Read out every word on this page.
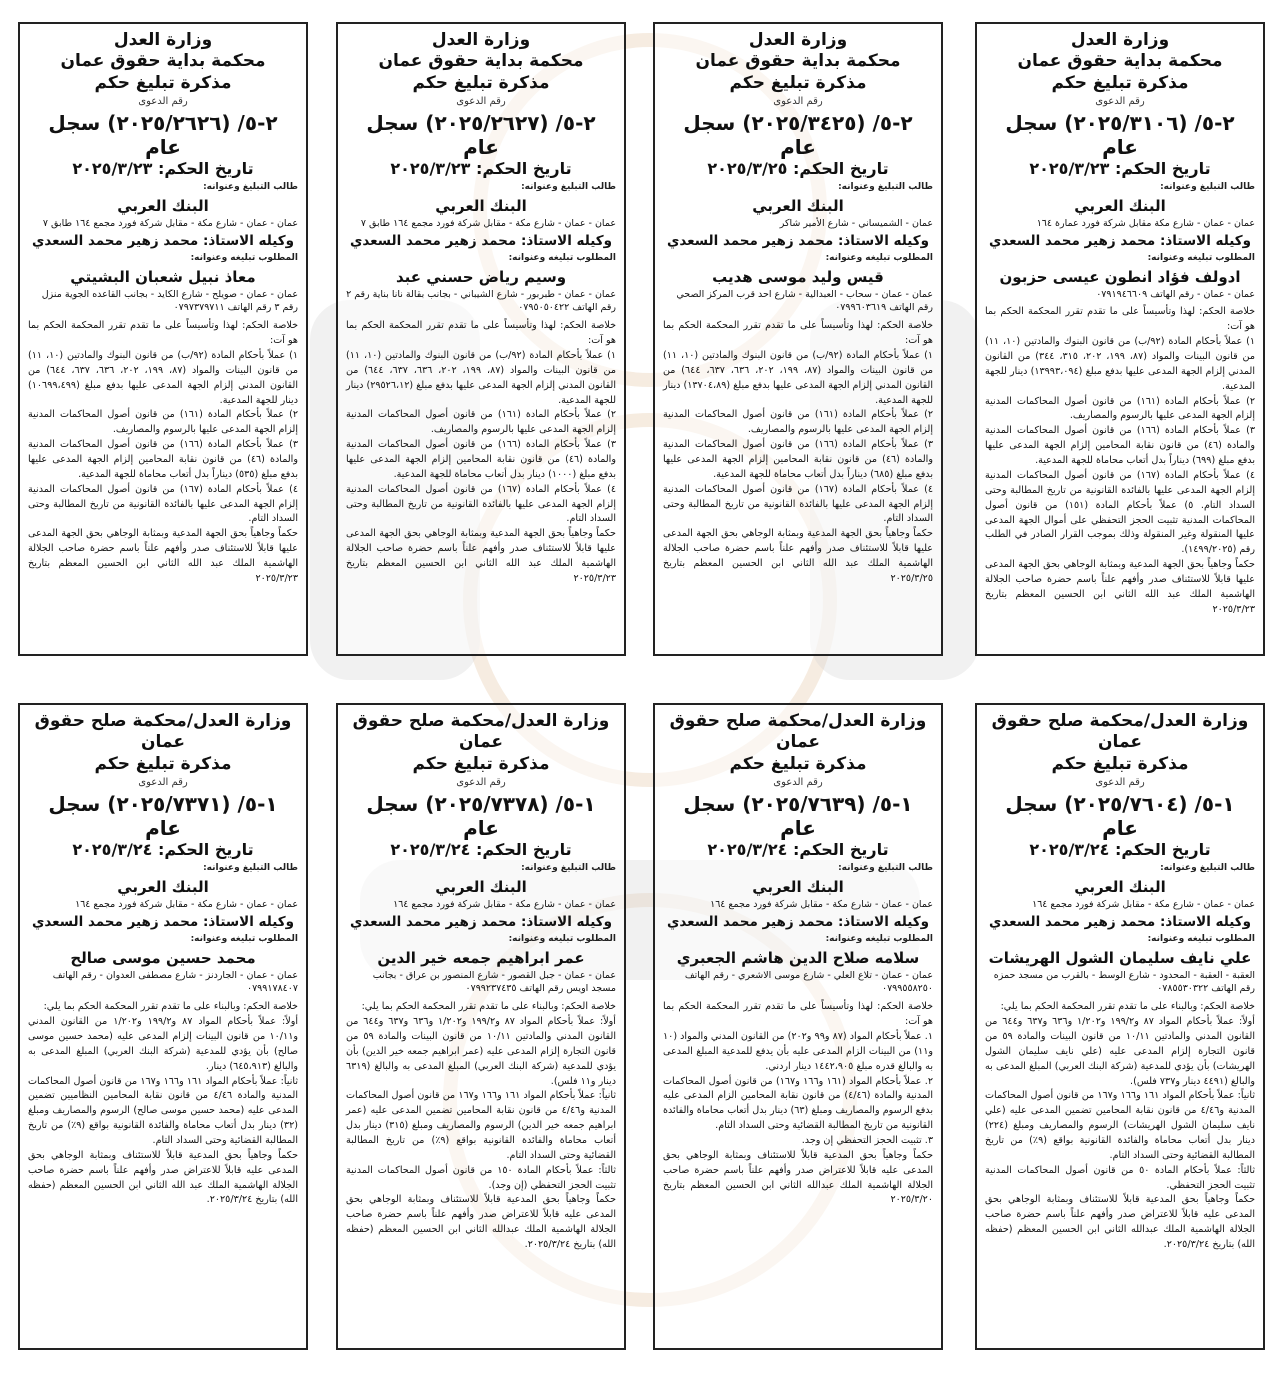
وزارة العدل
محكمة بداية حقوق عمان
مذكرة تبليغ حكم
رقم الدعوى
٢-٥/ (٢٠٢٥/٣١٠٦) سجل عام
تاريخ الحكم: ٢٠٢٥/٣/٢٣
طالب التبليغ وعنوانه:
البنك العربي
عمان - عمان - شارع مكة مقابل شركة فورد عمارة ١٦٤
وكيله الاستاذ: محمد زهير محمد السعدي
المطلوب تبليغه وعنوانه:
ادولف فؤاد انطون عيسى حزبون
عمان - عمان - رقم الهاتف ٠٧٩١٩٤٦٦٠٩

خلاصة الحكم: لهذا وتأسيساً على ما تقدم تقرر المحكمة الحكم بما هو آت:

١) عملاً بأحكام المادة (٩٢/ب) من قانون البنوك والمادتين (١٠، ١١) من قانون البينات والمواد (٨٧، ١٩٩، ٢٠٢، ٣١٥، ٣٤٤) من القانون المدني إلزام الجهة المدعى عليها بدفع مبلغ (١٣٩٩٣،٠٩٤) دينار للجهة المدعية.

٢) عملاً بأحكام المادة (١٦١) من قانون أصول المحاكمات المدنية إلزام الجهة المدعى عليها بالرسوم والمصاريف.

٣) عملاً بأحكام المادة (١٦٦) من قانون أصول المحاكمات المدنية والمادة (٤٦) من قانون نقابة المحامين إلزام الجهة المدعى عليها بدفع مبلغ (٦٩٩) ديناراً بدل أتعاب محاماة للجهة المدعية.

٤) عملاً بأحكام المادة (١٦٧) من قانون أصول المحاكمات المدنية إلزام الجهة المدعى عليها بالفائدة القانونية من تاريخ المطالبة وحتى السداد التام. ٥) عملاً بأحكام المادة (١٥١) من قانون أصول المحاكمات المدنية تثبيت الحجز التحفظي على أموال الجهة المدعى عليها المنقولة وغير المنقولة وذلك بموجب القرار الصادر في الطلب رقم (١٤٩٩/٢٠٢٥).

حكماً وجاهياً بحق الجهة المدعية وبمثابة الوجاهي بحق الجهة المدعى عليها قابلاً للاستئناف صدر وأفهم علناً باسم حضرة صاحب الجلالة الهاشمية الملك عبد الله الثاني ابن الحسين المعظم بتاريخ ٢٠٢٥/٣/٢٣

وزارة العدل
محكمة بداية حقوق عمان
مذكرة تبليغ حكم
رقم الدعوى
٢-٥/ (٢٠٢٥/٣٤٢٥) سجل عام
تاريخ الحكم: ٢٠٢٥/٣/٢٥
طالب التبليغ وعنوانه:
البنك العربي
عمان - الشميساني - شارع الأمير شاكر
وكيله الاستاذ: محمد زهير محمد السعدي
المطلوب تبليغه وعنوانه:
قيس وليد موسى هديب
عمان - عمان - سحاب - العبدالية - شارع احد قرب المركز الصحي رقم الهاتف ٠٧٩٩٦٠٣٦١٩

خلاصة الحكم: لهذا وتأسيساً على ما تقدم تقرر المحكمة الحكم بما هو آت:

١) عملاً بأحكام المادة (٩٢/ب) من قانون البنوك والمادتين (١٠، ١١) من قانون البينات والمواد (٨٧، ١٩٩، ٢٠٢، ٦٣٦، ٦٣٧، ٦٤٤) من القانون المدني إلزام الجهة المدعى عليها بدفع مبلغ (١٣٧٠٤،٨٩) دينار للجهة المدعية.

٢) عملاً بأحكام المادة (١٦١) من قانون أصول المحاكمات المدنية إلزام الجهة المدعى عليها بالرسوم والمصاريف.

٣) عملاً بأحكام المادة (١٦٦) من قانون أصول المحاكمات المدنية والمادة (٤٦) من قانون نقابة المحامين إلزام الجهة المدعى عليها بدفع مبلغ (٦٨٥) ديناراً بدل أتعاب محاماة للجهة المدعية.

٤) عملاً بأحكام المادة (١٦٧) من قانون أصول المحاكمات المدنية إلزام الجهة المدعى عليها بالفائدة القانونية من تاريخ المطالبة وحتى السداد التام.

حكماً وجاهياً بحق الجهة المدعية وبمثابة الوجاهي بحق الجهة المدعى عليها قابلاً للاستئناف صدر وأفهم علناً باسم حضرة صاحب الجلالة الهاشمية الملك عبد الله الثاني ابن الحسين المعظم بتاريخ ٢٠٢٥/٣/٢٥

وزارة العدل
محكمة بداية حقوق عمان
مذكرة تبليغ حكم
رقم الدعوى
٢-٥/ (٢٠٢٥/٢٦٢٧) سجل عام
تاريخ الحكم: ٢٠٢٥/٣/٢٣
طالب التبليغ وعنوانه:
البنك العربي
عمان - عمان - شارع مكة - مقابل شركة فورد مجمع ١٦٤ طابق ٧
وكيله الاستاذ: محمد زهير محمد السعدي
المطلوب تبليغه وعنوانه:
وسيم رياض حسني عبد
عمان - عمان - طبربور - شارع الشيباني - بجانب بقالة نانا بناية رقم ٢ رقم الهاتف ٠٧٩٥٠٥٠٤٢٢

خلاصة الحكم: لهذا وتأسيساً على ما تقدم تقرر المحكمة الحكم بما هو آت:

١) عملاً بأحكام المادة (٩٢/ب) من قانون البنوك والمادتين (١٠، ١١) من قانون البينات والمواد (٨٧، ١٩٩، ٢٠٢، ٦٣٦، ٦٣٧، ٦٤٤) من القانون المدني إلزام الجهة المدعى عليها بدفع مبلغ (٢٩٥٢٦،١٢) دينار للجهة المدعية.

٢) عملاً بأحكام المادة (١٦١) من قانون أصول المحاكمات المدنية إلزام الجهة المدعى عليها بالرسوم والمصاريف.

٣) عملاً بأحكام المادة (١٦٦) من قانون أصول المحاكمات المدنية والمادة (٤٦) من قانون نقابة المحامين إلزام الجهة المدعى عليها بدفع مبلغ (١٠٠٠) دينار بدل أتعاب محاماة للجهة المدعية.

٤) عملاً بأحكام المادة (١٦٧) من قانون أصول المحاكمات المدنية إلزام الجهة المدعى عليها بالفائدة القانونية من تاريخ المطالبة وحتى السداد التام.

حكماً وجاهياً بحق الجهة المدعية وبمثابة الوجاهي بحق الجهة المدعى عليها قابلاً للاستئناف صدر وأفهم علناً باسم حضرة صاحب الجلالة الهاشمية الملك عبد الله الثاني ابن الحسين المعظم بتاريخ ٢٠٢٥/٣/٢٣

وزارة العدل
محكمة بداية حقوق عمان
مذكرة تبليغ حكم
رقم الدعوى
٢-٥/ (٢٠٢٥/٢٦٢٦) سجل عام
تاريخ الحكم: ٢٠٢٥/٣/٢٣
طالب التبليغ وعنوانه:
البنك العربي
عمان - عمان - شارع مكة - مقابل شركة فورد مجمع ١٦٤ طابق ٧
وكيله الاستاذ: محمد زهير محمد السعدي
المطلوب تبليغه وعنوانه:
معاذ نبيل شعبان البشيتي
عمان - عمان - صويلح - شارع الكايد - بجانب القاعده الجوية منزل رقم ٣ رقم الهاتف ٠٧٩٧٣٧٩٧١١

خلاصة الحكم: لهذا وتأسيساً على ما تقدم تقرر المحكمة الحكم بما هو آت:

١) عملاً بأحكام المادة (٩٢/ب) من قانون البنوك والمادتين (١٠، ١١) من قانون البينات والمواد (٨٧، ١٩٩، ٢٠٢، ٦٣٦، ٦٣٧، ٦٤٤) من القانون المدني إلزام الجهة المدعى عليها بدفع مبلغ (١٠٦٩٩،٤٩٩) دينار للجهة المدعية.

٢) عملاً بأحكام المادة (١٦١) من قانون أصول المحاكمات المدنية إلزام الجهة المدعى عليها بالرسوم والمصاريف.

٣) عملاً بأحكام المادة (١٦٦) من قانون أصول المحاكمات المدنية والمادة (٤٦) من قانون نقابة المحامين إلزام الجهة المدعى عليها بدفع مبلغ (٥٣٥) ديناراً بدل أتعاب محاماة للجهة المدعية.

٤) عملاً بأحكام المادة (١٦٧) من قانون أصول المحاكمات المدنية إلزام الجهة المدعى عليها بالفائدة القانونية من تاريخ المطالبة وحتى السداد التام.

حكماً وجاهياً بحق الجهة المدعية وبمثابة الوجاهي بحق الجهة المدعى عليها قابلاً للاستئناف صدر وأفهم علناً باسم حضرة صاحب الجلالة الهاشمية الملك عبد الله الثاني ابن الحسين المعظم بتاريخ ٢٠٢٥/٣/٢٣

وزارة العدل/محكمة صلح حقوق عمان
مذكرة تبليغ حكم
رقم الدعوى
١-٥/ (٢٠٢٥/٧٦٠٤) سجل عام
تاريخ الحكم: ٢٠٢٥/٣/٢٤
طالب التبليغ وعنوانه:
البنك العربي
عمان - عمان - شارع مكة - مقابل شركة فورد مجمع ١٦٤
وكيله الاستاذ: محمد زهير محمد السعدي
المطلوب تبليغه وعنوانه:
علي نايف سليمان الشول الهريشات
العقبة - العقبة - المحدود - شارع الوسط - بالقرب من مسجد حمزه رقم الهاتف ٠٧٨٥٥٣٠٣٢٢

خلاصة الحكم: وبالبناء على ما تقدم تقرر المحكمة الحكم بما يلي:

أولاً: عملاً بأحكام المواد ٨٧ و١٩٩/٢ و١/٢٠٢ و٦٣٦ و٦٣٧ و٦٤٤ من القانون المدني والمادتين ١٠/١١ من قانون البينات والمادة ٥٩ من قانون التجارة إلزام المدعى عليه (علي نايف سليمان الشول الهريشات) بأن يؤدي للمدعية (شركة البنك العربي) المبلغ المدعى به والبالغ (٤٤٩١ دينار و٧٣٧ فلس).

ثانياً: عملاً بأحكام المواد ١٦١ و١٦٦ و١٦٧ من قانون أصول المحاكمات المدنية و٤/٤٦ من قانون نقابة المحامين تضمين المدعى عليه (علي نايف سليمان الشول الهريشات) الرسوم والمصاريف ومبلغ (٢٢٤) دينار بدل أتعاب محاماة والفائدة القانونية بواقع (٩٪) من تاريخ المطالبة القضائية وحتى السداد التام.

ثالثاً: عملاً بأحكام المادة ٥٠ من قانون أصول المحاكمات المدنية تثبيت الحجز التحفظي.

حكماً وجاهياً بحق المدعية قابلاً للاستئناف وبمثابة الوجاهي بحق المدعى عليه قابلاً للاعتراض صدر وأفهم علناً باسم حضرة صاحب الجلالة الهاشمية الملك عبدالله الثاني ابن الحسين المعظم (حفظه الله) بتاريخ ٢٠٢٥/٣/٢٤.

وزارة العدل/محكمة صلح حقوق عمان
مذكرة تبليغ حكم
رقم الدعوى
١-٥/ (٢٠٢٥/٧٦٣٩) سجل عام
تاريخ الحكم: ٢٠٢٥/٣/٢٤
طالب التبليغ وعنوانه:
البنك العربي
عمان - عمان - شارع مكة - مقابل شركة فورد مجمع ١٦٤
وكيله الاستاذ: محمد زهير محمد السعدي
المطلوب تبليغه وعنوانه:
سلامه صلاح الدين هاشم الجعبري
عمان - عمان - تلاع العلي - شارع موسى الاشعري - رقم الهاتف ٠٧٩٩٥٥٨٢٥٠

خلاصة الحكم: لهذا وتأسيساً على ما تقدم تقرر المحكمة الحكم بما هو آت:

١. عملاً بأحكام المواد (٨٧ و٩٩ و٢٠٢) من القانون المدني والمواد (١٠ و١١) من البينات الزام المدعى عليه بأن يدفع للمدعية المبلغ المدعى به والبالغ قدره مبلغ ١٤٤٢،٩٠٥ دينار اردني.

٢. عملاً بأحكام المواد (١٦١ و١٦٦ و١٦٧) من قانون أصول المحاكمات المدنية والمادة (٤/٤٦) من قانون نقابة المحامين الزام المدعى عليه بدفع الرسوم والمصاريف ومبلغ (٦٣) دينار بدل أتعاب محاماة والفائدة القانونية من تاريخ المطالبة القضائية وحتى السداد التام.

٣. تثبيت الحجز التحفظي إن وجد.

حكماً وجاهياً بحق المدعية قابلاً للاستئناف وبمثابة الوجاهي بحق المدعى عليه قابلاً للاعتراض صدر وأفهم علناً باسم حضرة صاحب الجلالة الهاشمية الملك عبدالله الثاني ابن الحسين المعظم بتاريخ ٢٠٢٥/٣/٢٠

وزارة العدل/محكمة صلح حقوق عمان
مذكرة تبليغ حكم
رقم الدعوى
١-٥/ (٢٠٢٥/٧٣٧٨) سجل عام
تاريخ الحكم: ٢٠٢٥/٣/٢٤
طالب التبليغ وعنوانه:
البنك العربي
عمان - عمان - شارع مكة - مقابل شركة فورد مجمع ١٦٤
وكيله الاستاذ: محمد زهير محمد السعدي
المطلوب تبليغه وعنوانه:
عمر ابراهيم جمعه خير الدين
عمان - عمان - جبل القصور - شارع المنصور بن عراق - بجانب مسجد اويس رقم الهاتف ٠٧٩٩٢٣٧٤٣٥

خلاصة الحكم: وبالبناء على ما تقدم تقرر المحكمة الحكم بما يلي:

أولاً: عملاً بأحكام المواد ٨٧ و١٩٩/٢ و١/٢٠٢ و٦٣٦ و٦٣٧ و٦٤٤ من القانون المدني والمادتين ١٠/١١ من قانون البينات والمادة ٥٩ من قانون التجارة إلزام المدعى عليه (عمر ابراهيم جمعه خير الدين) بأن يؤدي للمدعية (شركة البنك العربي) المبلغ المدعى به والبالغ (٦٣١٩ دينار و١١ فلس).

ثانياً: عملاً بأحكام المواد ١٦١ و١٦٦ و١٦٧ من قانون أصول المحاكمات المدنية و٤/٤٦ من قانون نقابة المحامين تضمين المدعى عليه (عمر ابراهيم جمعه خير الدين) الرسوم والمصاريف ومبلغ (٣١٥) دينار بدل أتعاب محاماة والفائدة القانونية بواقع (٩٪) من تاريخ المطالبة القضائية وحتى السداد التام.

ثالثاً: عملاً بأحكام المادة ١٥٠ من قانون أصول المحاكمات المدنية تثبيت الحجز التحفظي (إن وجد).

حكماً وجاهياً بحق المدعية قابلاً للاستئناف وبمثابة الوجاهي بحق المدعى عليه قابلاً للاعتراض صدر وأفهم علناً باسم حضرة صاحب الجلالة الهاشمية الملك عبدالله الثاني ابن الحسين المعظم (حفظه الله) بتاريخ ٢٠٢٥/٣/٢٤.

وزارة العدل/محكمة صلح حقوق عمان
مذكرة تبليغ حكم
رقم الدعوى
١-٥/ (٢٠٢٥/٧٣٧١) سجل عام
تاريخ الحكم: ٢٠٢٥/٣/٢٤
طالب التبليغ وعنوانه:
البنك العربي
عمان - عمان - شارع مكة - مقابل شركة فورد مجمع ١٦٤
وكيله الاستاذ: محمد زهير محمد السعدي
المطلوب تبليغه وعنوانه:
محمد حسين موسى صالح
عمان - عمان - الجاردنز - شارع مصطفى العدوان - رقم الهاتف ٠٧٩٩١٧٨٤٠٧

خلاصة الحكم: وبالبناء على ما تقدم تقرر المحكمة الحكم بما يلي:

أولاً: عملاً بأحكام المواد ٨٧ و١٩٩/٢ و١/٢٠٢ من القانون المدني و١٠/١١ من قانون البينات إلزام المدعى عليه (محمد حسين موسى صالح) بأن يؤدي للمدعية (شركة البنك العربي) المبلغ المدعى به والبالغ (٦٤٥،٩١٣) دينار.

ثانياً: عملاً بأحكام المواد ١٦١ و١٦٦ و١٦٧ من قانون أصول المحاكمات المدنية والمادة ٤/٤٦ من قانون نقابة المحامين النظاميين تضمين المدعى عليه (محمد حسين موسى صالح) الرسوم والمصاريف ومبلغ (٣٢) دينار بدل أتعاب محاماة والفائدة القانونية بواقع (٩٪) من تاريخ المطالبة القضائية وحتى السداد التام.

حكماً وجاهياً بحق المدعية قابلاً للاستئناف وبمثابة الوجاهي بحق المدعى عليه قابلاً للاعتراض صدر وأفهم علناً باسم حضرة صاحب الجلالة الهاشمية الملك عبد الله الثاني ابن الحسين المعظم (حفظه الله) بتاريخ ٢٠٢٥/٣/٢٤.
